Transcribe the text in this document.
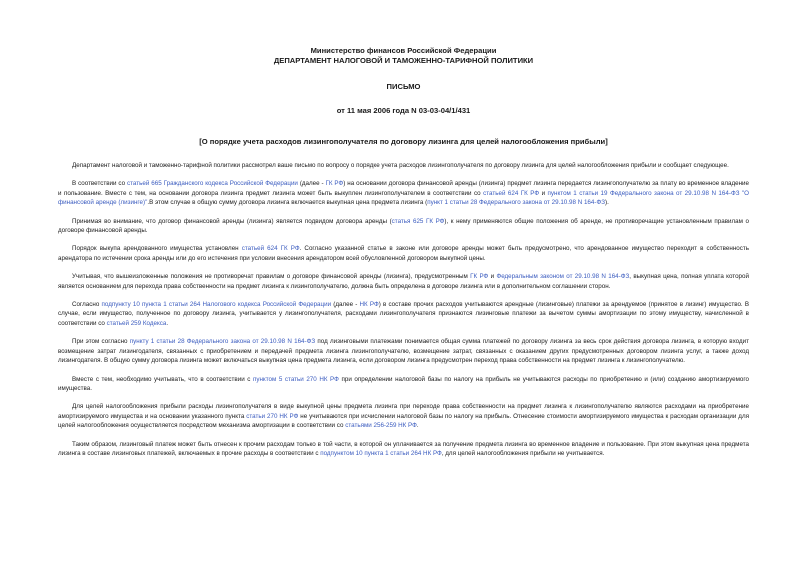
Министерство финансов Российской Федерации
ДЕПАРТАМЕНТ НАЛОГОВОЙ И ТАМОЖЕННО-ТАРИФНОЙ ПОЛИТИКИ
ПИСЬМО
от 11 мая 2006 года N 03-03-04/1/431
[О порядке учета расходов лизингополучателя по договору лизинга для целей налогообложения прибыли]

Департамент налоговой и таможенно-тарифной политики рассмотрел ваше письмо по вопросу о порядке учета расходов лизингополучателя по договору лизинга для целей налогообложения прибыли и сообщает следующее.

В соответствии со статьей 665 Гражданского кодекса Российской Федерации (далее - ГК РФ) на основании договора финансовой аренды (лизинга) предмет лизинга передается лизингополучателю за плату во временное владение и пользование. Вместе с тем, на основании договора лизинга предмет лизинга может быть выкуплен лизингополучателем в соответствии со статьей 624 ГК РФ и пунктом 1 статьи 19 Федерального закона от 29.10.98 N 164-ФЗ "О финансовой аренде (лизинге)".В этом случае в общую сумму договора лизинга включается выкупная цена предмета лизинга (пункт 1 статьи 28 Федерального закона от 29.10.98 N 164-ФЗ).

Принимая во внимание, что договор финансовой аренды (лизинга) является подвидом договора аренды (статья 625 ГК РФ), к нему применяются общие положения об аренде, не противоречащие установленным правилам о договоре финансовой аренды.

Порядок выкупа арендованного имущества установлен статьей 624 ГК РФ. Согласно указанной статье в законе или договоре аренды может быть предусмотрено, что арендованное имущество переходит в собственность арендатора по истечении срока аренды или до его истечения при условии внесения арендатором всей обусловленной договором выкупной цены.

Учитывая, что вышеизложенные положения не противоречат правилам о договоре финансовой аренды (лизинга), предусмотренным ГК РФ и Федеральным законом от 29.10.98 N 164-ФЗ, выкупная цена, полная уплата которой является основанием для перехода права собственности на предмет лизинга к лизингополучателю, должна быть определена в договоре лизинга или в дополнительном соглашении сторон.

Согласно подпункту 10 пункта 1 статьи 264 Налогового кодекса Российской Федерации (далее - НК РФ) в составе прочих расходов учитываются арендные (лизинговые) платежи за арендуемое (принятое в лизинг) имущество. В случае, если имущество, полученное по договору лизинга, учитывается у лизингополучателя, расходами лизингополучателя признаются лизинговые платежи за вычетом суммы амортизации по этому имуществу, начисленной в соответствии со статьей 259 Кодекса.

При этом согласно пункту 1 статьи 28 Федерального закона от 29.10.98 N 164-ФЗ под лизинговыми платежами понимается общая сумма платежей по договору лизинга за весь срок действия договора лизинга, в которую входит возмещение затрат лизингодателя, связанных с приобретением и передачей предмета лизинга лизингополучателю, возмещение затрат, связанных с оказанием других предусмотренных договором лизинга услуг, а также доход лизингодателя. В общую сумму договора лизинга может включаться выкупная цена предмета лизинга, если договором лизинга предусмотрен переход права собственности на предмет лизинга к лизингополучателю.

Вместе с тем, необходимо учитывать, что в соответствии с пунктом 5 статьи 270 НК РФ при определении налоговой базы по налогу на прибыль не учитываются расходы по приобретению и (или) созданию амортизируемого имущества.

Для целей налогообложения прибыли расходы лизингополучателя в виде выкупной цены предмета лизинга при переходе права собственности на предмет лизинга к лизингополучателю являются расходами на приобретение амортизируемого имущества и на основании указанного пункта статьи 270 НК РФ не учитываются при исчислении налоговой базы по налогу на прибыль. Отнесение стоимости амортизируемого имущества к расходам организации для целей налогообложения осуществляется посредством механизма амортизации в соответствии со статьями 256-259 НК РФ.

Таким образом, лизинговый платеж может быть отнесен к прочим расходам только в той части, в которой он уплачивается за получение предмета лизинга во временное владение и пользование. При этом выкупная цена предмета лизинга в составе лизинговых платежей, включаемых в прочие расходы в соответствии с подпунктом 10 пункта 1 статьи 264 НК РФ, для целей налогообложения прибыли не учитывается.
